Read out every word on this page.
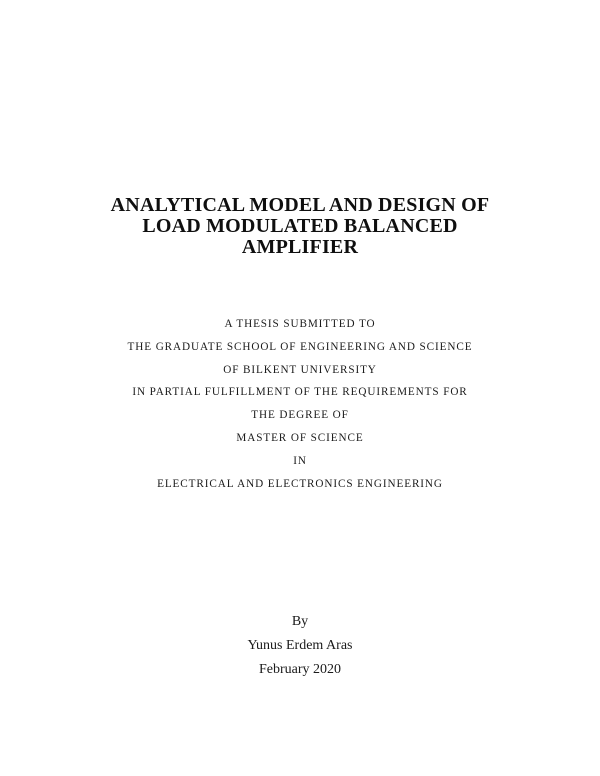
ANALYTICAL MODEL AND DESIGN OF
LOAD MODULATED BALANCED
AMPLIFIER
A THESIS SUBMITTED TO
THE GRADUATE SCHOOL OF ENGINEERING AND SCIENCE
OF BILKENT UNIVERSITY
IN PARTIAL FULFILLMENT OF THE REQUIREMENTS FOR
THE DEGREE OF
MASTER OF SCIENCE
IN
ELECTRICAL AND ELECTRONICS ENGINEERING
By
Yunus Erdem Aras
February 2020
